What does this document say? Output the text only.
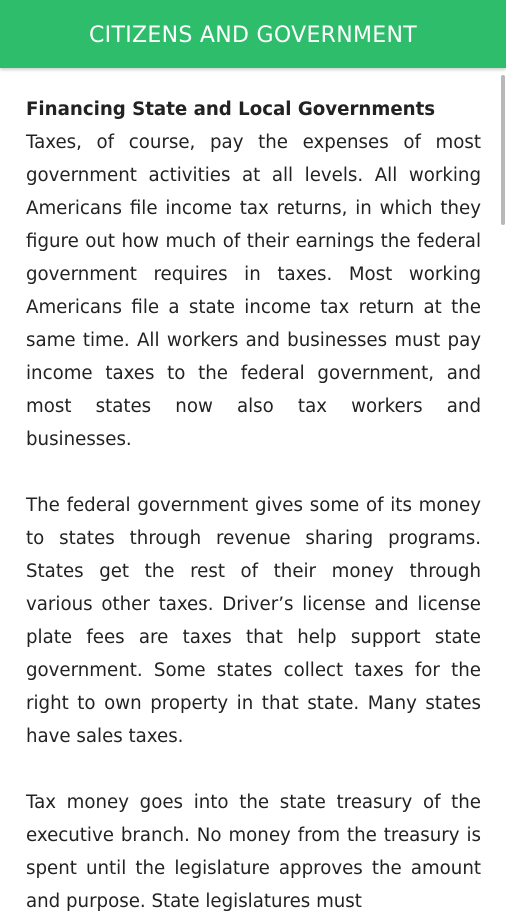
CITIZENS AND GOVERNMENT

Financing State and Local Governments

Taxes, of course, pay the expenses of most government activities at all levels. All working Americans file income tax returns, in which they figure out how much of their earnings the federal government requires in taxes. Most working Americans file a state income tax return at the same time. All workers and businesses must pay income taxes to the federal government, and most states now also tax workers and businesses.

The federal government gives some of its money to states through revenue sharing programs. States get the rest of their money through various other taxes. Driver’s license and license plate fees are taxes that help support state government. Some states collect taxes for the right to own property in that state. Many states have sales taxes.

Tax money goes into the state treasury of the executive branch. No money from the treasury is spent until the legislature approves the amount and purpose. State legislatures must
